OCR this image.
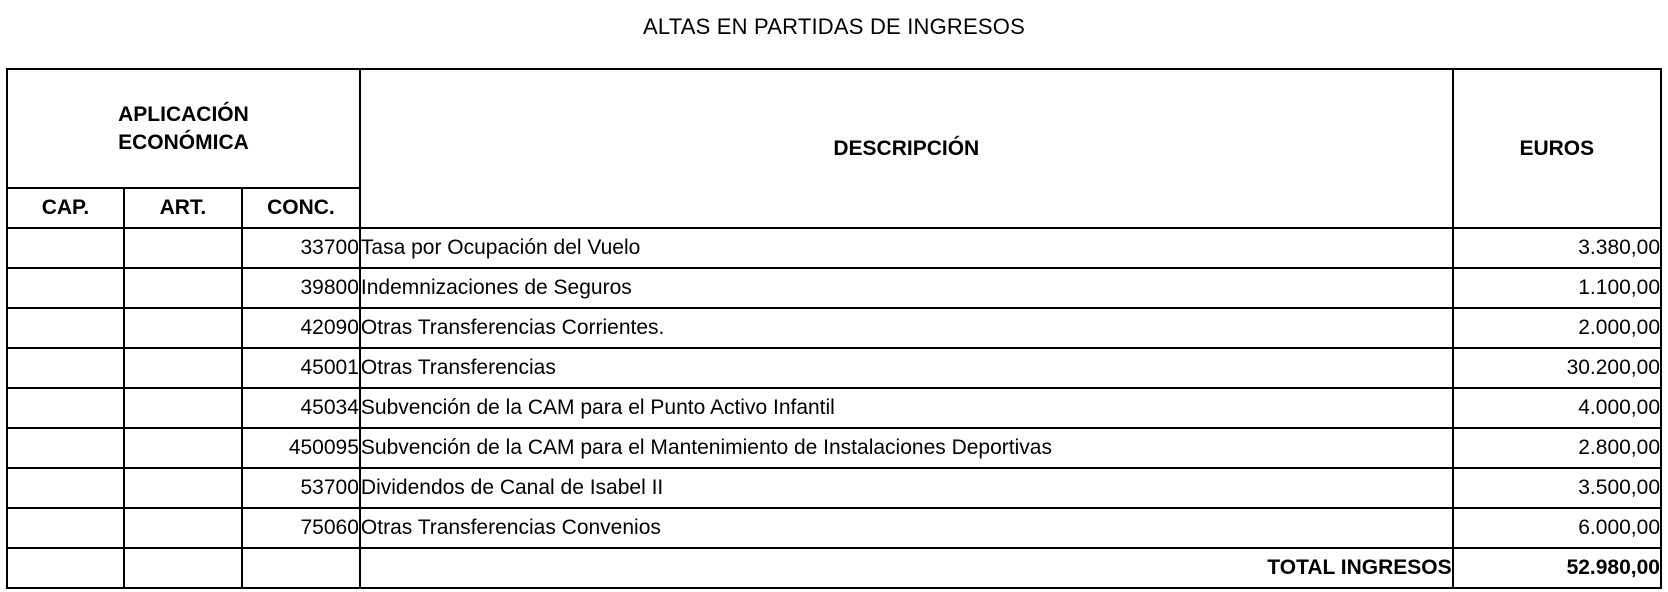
ALTAS EN PARTIDAS DE INGRESOS
APLICACIÓN
ECONÓMICA			DESCRIPCIÓN	EUROS
CAP.	ART.	CONC.		
		33700	Tasa por Ocupación del Vuelo	3.380,00
		39800	Indemnizaciones de Seguros	1.100,00
		42090	Otras Transferencias Corrientes.	2.000,00
		45001	Otras Transferencias	30.200,00
		45034	Subvención de la CAM para el Punto Activo Infantil	4.000,00
		450095	Subvención de la CAM para el Mantenimiento de Instalaciones Deportivas	2.800,00
		53700	Dividendos de Canal de Isabel II	3.500,00
		75060	Otras Transferencias Convenios	6.000,00
			TOTAL INGRESOS	52.980,00
